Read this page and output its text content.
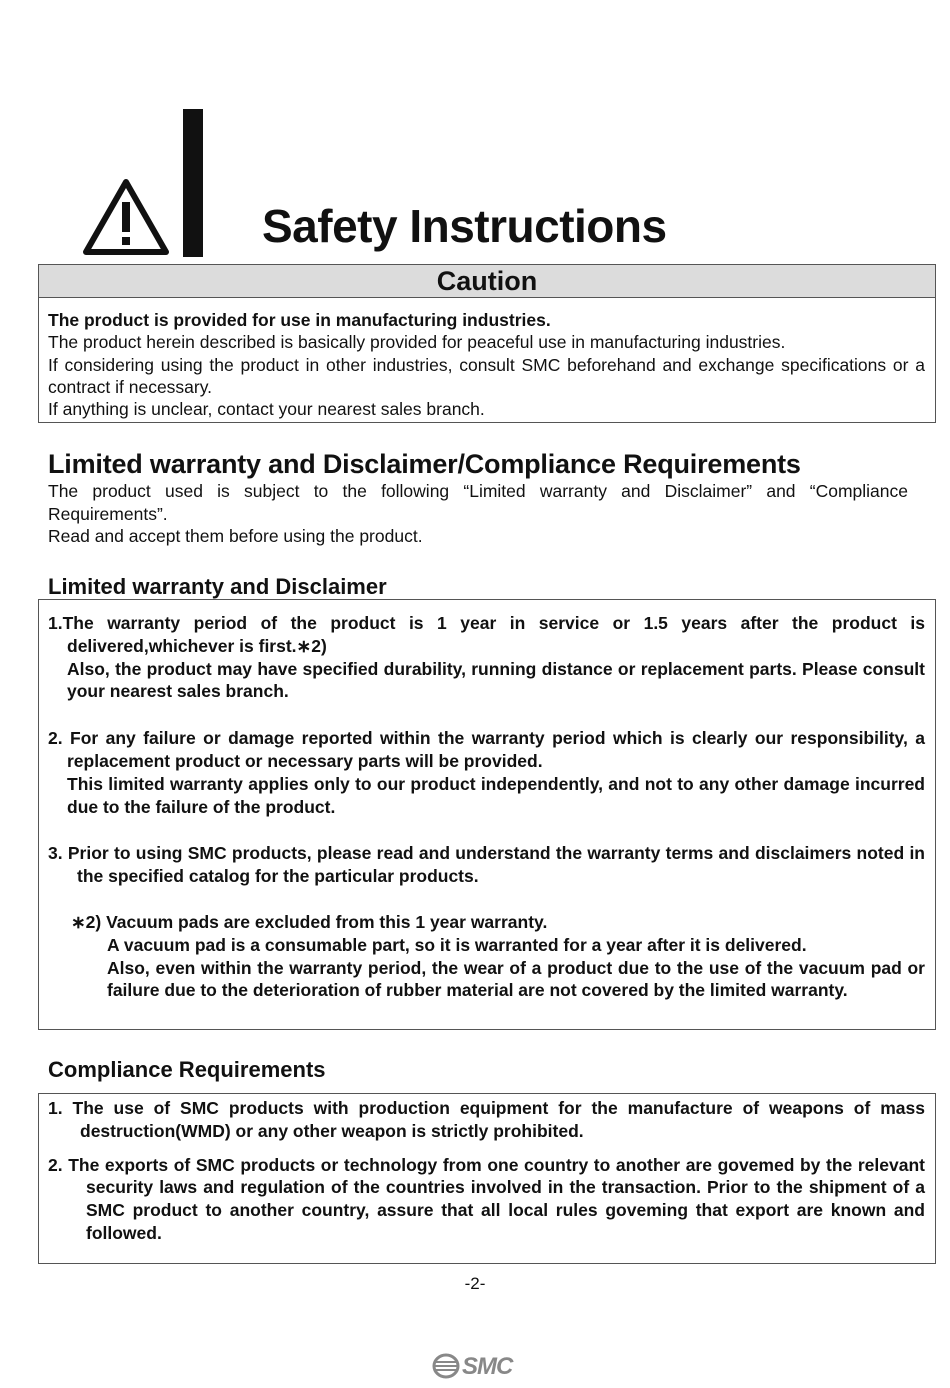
Safety Instructions
Caution

The product is provided for use in manufacturing industries.

The product herein described is basically provided for peaceful use in manufacturing industries.

If considering using the product in other industries, consult SMC beforehand and exchange specifications or a contract if necessary.

If anything is unclear, contact your nearest sales branch.

Limited warranty and Disclaimer/Compliance Requirements

The product used is subject to the following “Limited warranty and Disclaimer” and “Compliance Requirements”.

Read and accept them before using the product.

Limited warranty and Disclaimer

1.The warranty period of the product is 1 year in service or 1.5 years after the product is delivered,whichever is first.∗2)

Also, the product may have specified durability, running distance or replacement parts. Please consult your nearest sales branch.

2. For any failure or damage reported within the warranty period which is clearly our responsibility, a replacement product or necessary parts will be provided.

This limited warranty applies only to our product independently, and not to any other damage incurred due to the failure of the product.

3. Prior to using SMC products, please read and understand the warranty terms and disclaimers noted in the specified catalog for the particular products.

∗2) Vacuum pads are excluded from this 1 year warranty.

A vacuum pad is a consumable part, so it is warranted for a year after it is delivered.

Also, even within the warranty period, the wear of a product due to the use of the vacuum pad or failure due to the deterioration of rubber material are not covered by the limited warranty.

Compliance Requirements

1. The use of SMC products with production equipment for the manufacture of weapons of mass destruction(WMD) or any other weapon is strictly prohibited.

2. The exports of SMC products or technology from one country to another are govemed by the relevant security laws and regulation of the countries involved in the transaction. Prior to the shipment of a SMC product to another country, assure that all local rules goveming that export are known and followed.

-2-
SMC
